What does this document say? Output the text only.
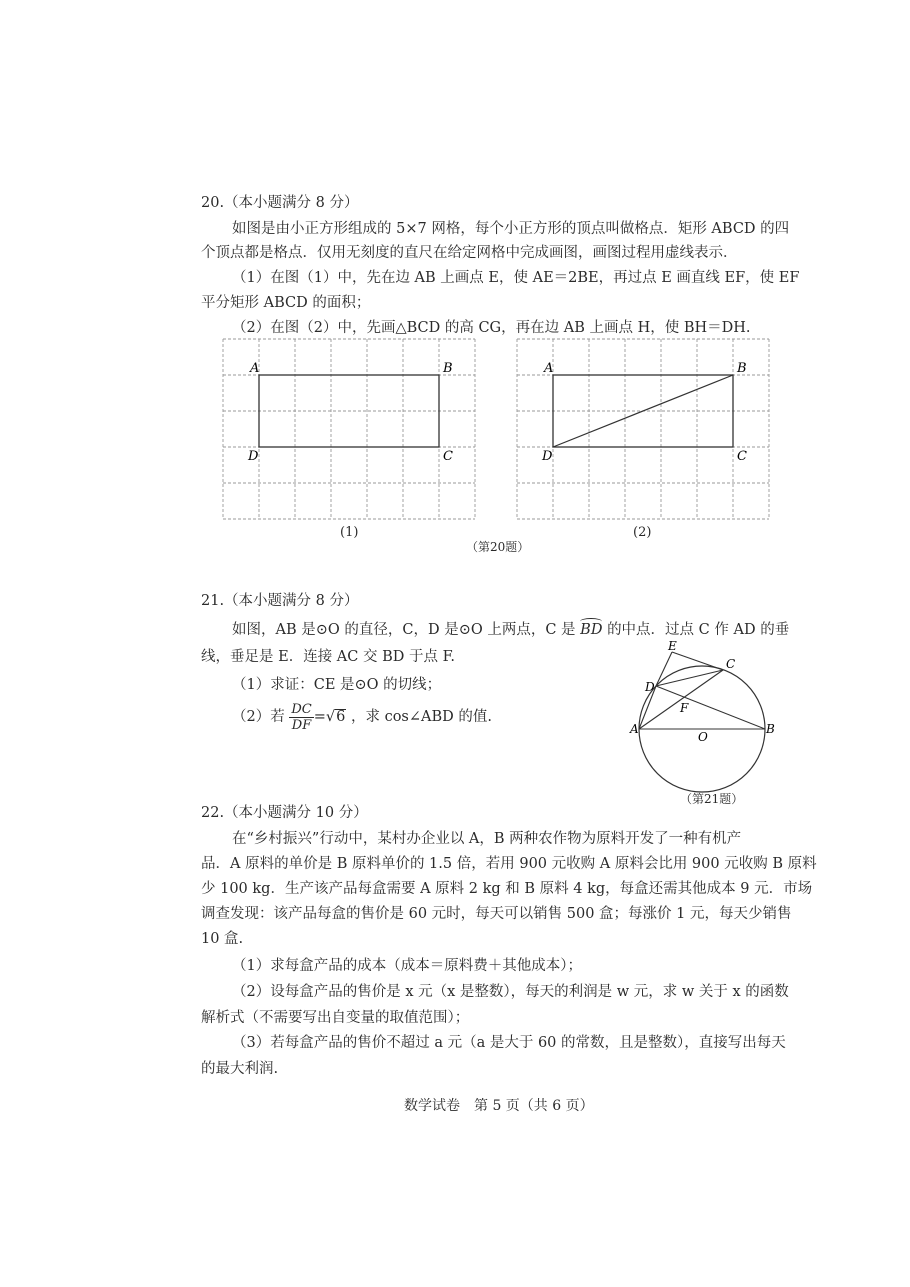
20.（本小题满分 8 分）
如图是由小正方形组成的 5×7 网格，每个小正方形的顶点叫做格点．矩形 ABCD 的四
个顶点都是格点．仅用无刻度的直尺在给定网格中完成画图，画图过程用虚线表示．
（1）在图（1）中，先在边 AB 上画点 E，使 AE＝2BE，再过点 E 画直线 EF，使 EF
平分矩形 ABCD 的面积；
（2）在图（2）中，先画△BCD 的高 CG，再在边 AB 上画点 H，使 BH＝DH.
A	B
C
D
A	B
C
D
(1)	(2)
（第20题）
21.（本小题满分 8 分）
如图，AB 是⊙O 的直径，C，D 是⊙O 上两点，C 是 BD 的中点．过点 C 作 AD 的垂
线，垂足是 E．连接 AC 交 BD 于点 F.
（1）求证：CE 是⊙O 的切线；
（2）若 $\frac{DC}{DF} =√6$ ，求 cos∠ABD 的值.
E
C
D
F
A
O
B
（第21题）
22.（本小题满分 10 分）
在“乡村振兴”行动中，某村办企业以 A，B 两种农作物为原料开发了一种有机产
品．A 原料的单价是 B 原料单价的 1.5 倍，若用 900 元收购 A 原料会比用 900 元收购 B 原料
少 100 kg．生产该产品每盒需要 A 原料 2 kg 和 B 原料 4 kg，每盒还需其他成本 9 元．市场
调查发现：该产品每盒的售价是 60 元时，每天可以销售 500 盒；每涨价 1 元，每天少销售
10 盒.
（1）求每盒产品的成本（成本＝原料费＋其他成本）；
（2）设每盒产品的售价是 x 元（x 是整数），每天的利润是 w 元，求 w 关于 x 的函数
解析式（不需要写出自变量的取值范围）；
（3）若每盒产品的售价不超过 a 元（a 是大于 60 的常数，且是整数），直接写出每天
的最大利润.
数学试卷　第 5 页（共 6 页）
